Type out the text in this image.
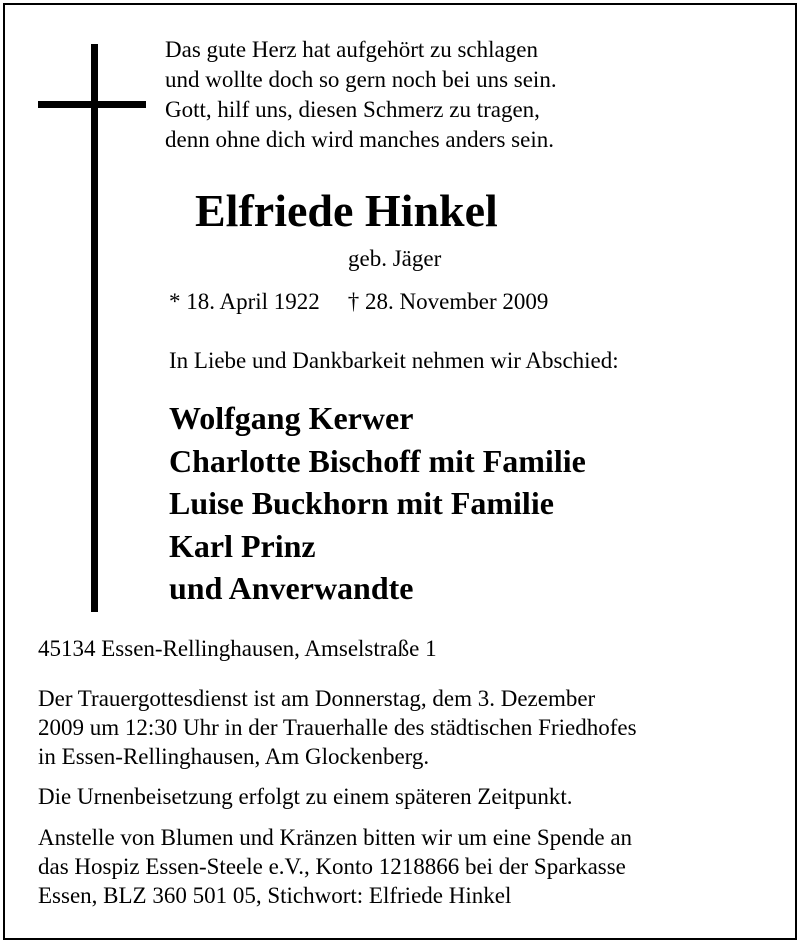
Das gute Herz hat aufgehört zu schlagen
und wollte doch so gern noch bei uns sein.
Gott, hilf uns, diesen Schmerz zu tragen,
denn ohne dich wird manches anders sein.
Elfriede Hinkel
geb. Jäger
* 18. April 1922 † 28. November 2009
In Liebe und Dankbarkeit nehmen wir Abschied:
Wolfgang Kerwer
Charlotte Bischoff mit Familie
Luise Buckhorn mit Familie
Karl Prinz
und Anverwandte
45134 Essen-Rellinghausen, Amselstraße 1
Der Trauergottesdienst ist am Donnerstag, dem 3. Dezember
2009 um 12:30 Uhr in der Trauerhalle des städtischen Friedhofes
in Essen-Rellinghausen, Am Glockenberg.
Die Urnenbeisetzung erfolgt zu einem späteren Zeitpunkt.
Anstelle von Blumen und Kränzen bitten wir um eine Spende an
das Hospiz Essen-Steele e.V., Konto 1218866 bei der Sparkasse
Essen, BLZ 360 501 05, Stichwort: Elfriede Hinkel
